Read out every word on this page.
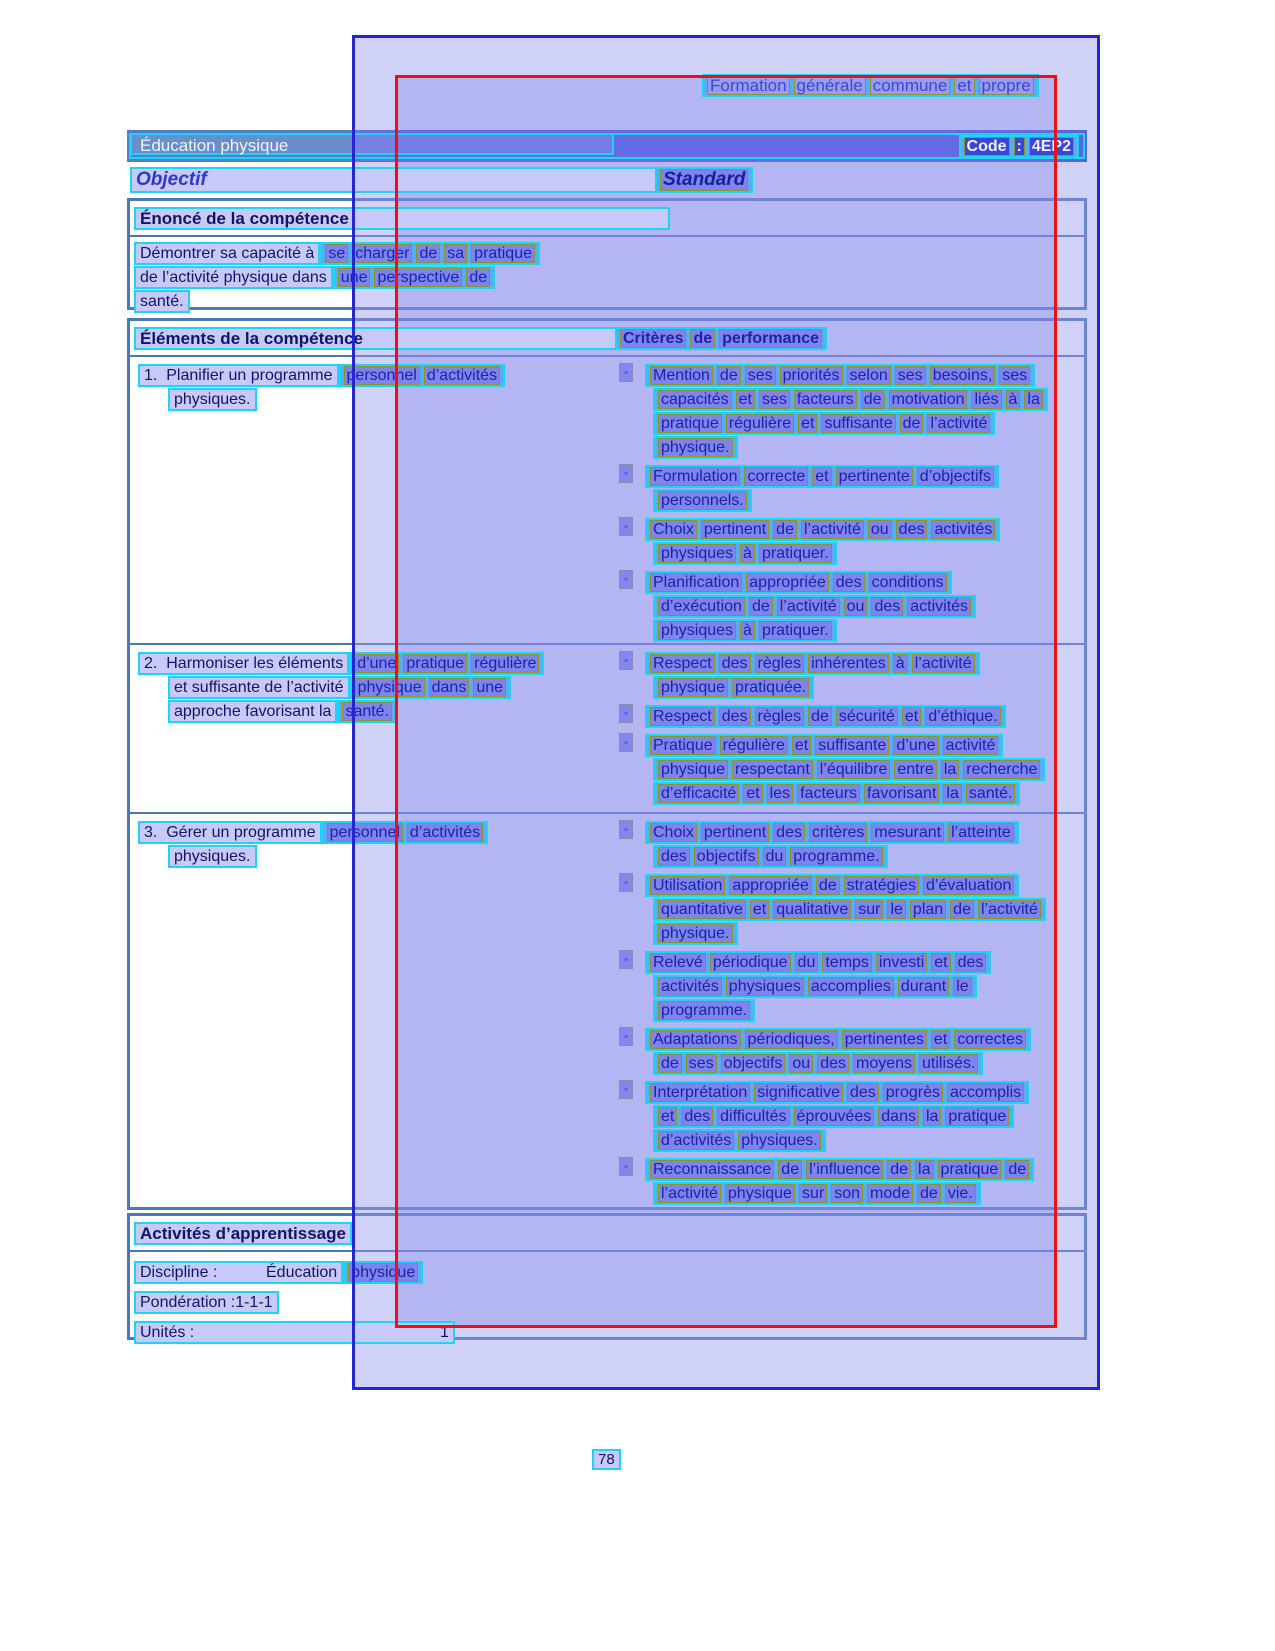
Formation générale commune et propre
Éducation physique	Code : 4EP2
Objectif	Standard
Énoncé de la compétence
Démontrer sa capacité àse charger de sa pratique
de l’activité physique dansune perspective de
santé.
Éléments de la compétence	Critères de performance
1.  Planifier un programmepersonnel d’activités
physiques.
▪ Mention de ses priorités selon ses besoins, ses
capacités et ses facteurs de motivation liés à la
pratique régulière et suffisante de l’activité
physique.
▪ Formulation correcte et pertinente d’objectifs
personnels.
▪ Choix pertinent de l’activité ou des activités
physiques à pratiquer.
▪ Planification appropriée des conditions
d’exécution de l’activité ou des activités
physiques à pratiquer.
2.  Harmoniser les élémentsd’une pratique régulière
et suffisante de l’activitéphysique dans une
approche favorisant lasanté.
▪ Respect des règles inhérentes à l’activité
physique pratiquée.
▪ Respect des règles de sécurité et d’éthique.
▪ Pratique régulière et suffisante d’une activité
physique respectant l’équilibre entre la recherche
d’efficacité et les facteurs favorisant la santé.
3.  Gérer un programmepersonnel d’activités
physiques.
▪ Choix pertinent des critères mesurant l’atteinte
des objectifs du programme.
▪ Utilisation appropriée de stratégies d’évaluation
quantitative et qualitative sur le plan de l’activité
physique.
▪ Relevé périodique du temps investi et des
activités physiques accomplies durant le
programme.
▪ Adaptations périodiques, pertinentes et correctes
de ses objectifs ou des moyens utilisés.
▪ Interprétation significative des progrès accomplis
et des difficultés éprouvées dans la pratique
d’activités physiques.
▪ Reconnaissance de l’influence de la pratique de
l’activité physique sur son mode de vie.
Activités d’apprentissage
Discipline :	Éducation physique
Pondération :1-1-1
Unités :	1
78
